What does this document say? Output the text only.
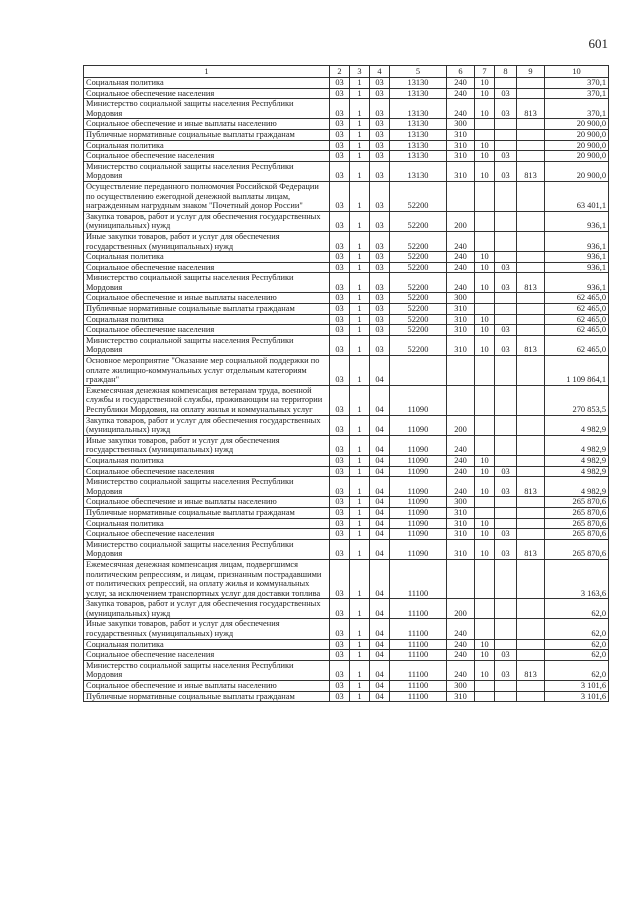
601
1	2	3	4	5	6	7	8	9	10
Социальная политика	03	1	03	13130	240	10			370,1
Социальное обеспечение населения	03	1	03	13130	240	10	03		370,1
Министерство социальной защиты населения Республики Мордовия	03	1	03	13130	240	10	03	813	370,1
Социальное обеспечение и иные выплаты населению	03	1	03	13130	300				20 900,0
Публичные нормативные социальные выплаты гражданам	03	1	03	13130	310				20 900,0
Социальная политика	03	1	03	13130	310	10			20 900,0
Социальное обеспечение населения	03	1	03	13130	310	10	03		20 900,0
Министерство социальной защиты населения Республики Мордовия	03	1	03	13130	310	10	03	813	20 900,0
Осуществление переданного полномочия Российской Федерации по осуществлению ежегодной денежной выплаты лицам, награжденным нагрудным знаком "Почетный донор России"	03	1	03	52200					63 401,1
Закупка товаров, работ и услуг для обеспечения государственных (муниципальных) нужд	03	1	03	52200	200				936,1
Иные закупки товаров, работ и услуг для обеспечения государственных (муниципальных) нужд	03	1	03	52200	240				936,1
Социальная политика	03	1	03	52200	240	10			936,1
Социальное обеспечение населения	03	1	03	52200	240	10	03		936,1
Министерство социальной защиты населения Республики Мордовия	03	1	03	52200	240	10	03	813	936,1
Социальное обеспечение и иные выплаты населению	03	1	03	52200	300				62 465,0
Публичные нормативные социальные выплаты гражданам	03	1	03	52200	310				62 465,0
Социальная политика	03	1	03	52200	310	10			62 465,0
Социальное обеспечение населения	03	1	03	52200	310	10	03		62 465,0
Министерство социальной защиты населения Республики Мордовия	03	1	03	52200	310	10	03	813	62 465,0
Основное мероприятие "Оказание мер социальной поддержки по оплате жилищно-коммунальных услуг отдельным категориям граждан"	03	1	04						1 109 864,1
Ежемесячная денежная компенсация ветеранам труда, военной службы и государственной службы, проживающим на территории Республики Мордовия, на оплату жилья и коммунальных услуг	03	1	04	11090					270 853,5
Закупка товаров, работ и услуг для обеспечения государственных (муниципальных) нужд	03	1	04	11090	200				4 982,9
Иные закупки товаров, работ и услуг для обеспечения государственных (муниципальных) нужд	03	1	04	11090	240				4 982,9
Социальная политика	03	1	04	11090	240	10			4 982,9
Социальное обеспечение населения	03	1	04	11090	240	10	03		4 982,9
Министерство социальной защиты населения Республики Мордовия	03	1	04	11090	240	10	03	813	4 982,9
Социальное обеспечение и иные выплаты населению	03	1	04	11090	300				265 870,6
Публичные нормативные социальные выплаты гражданам	03	1	04	11090	310				265 870,6
Социальная политика	03	1	04	11090	310	10			265 870,6
Социальное обеспечение населения	03	1	04	11090	310	10	03		265 870,6
Министерство социальной защиты населения Республики Мордовия	03	1	04	11090	310	10	03	813	265 870,6
Ежемесячная денежная компенсация лицам, подвергшимся политическим репрессиям, и лицам, признанным пострадавшими от политических репрессий, на оплату жилья и коммунальных услуг, за исключением транспортных услуг для доставки топлива	03	1	04	11100					3 163,6
Закупка товаров, работ и услуг для обеспечения государственных (муниципальных) нужд	03	1	04	11100	200				62,0
Иные закупки товаров, работ и услуг для обеспечения государственных (муниципальных) нужд	03	1	04	11100	240				62,0
Социальная политика	03	1	04	11100	240	10			62,0
Социальное обеспечение населения	03	1	04	11100	240	10	03		62,0
Министерство социальной защиты населения Республики Мордовия	03	1	04	11100	240	10	03	813	62,0
Социальное обеспечение и иные выплаты населению	03	1	04	11100	300				3 101,6
Публичные нормативные социальные выплаты гражданам	03	1	04	11100	310				3 101,6
